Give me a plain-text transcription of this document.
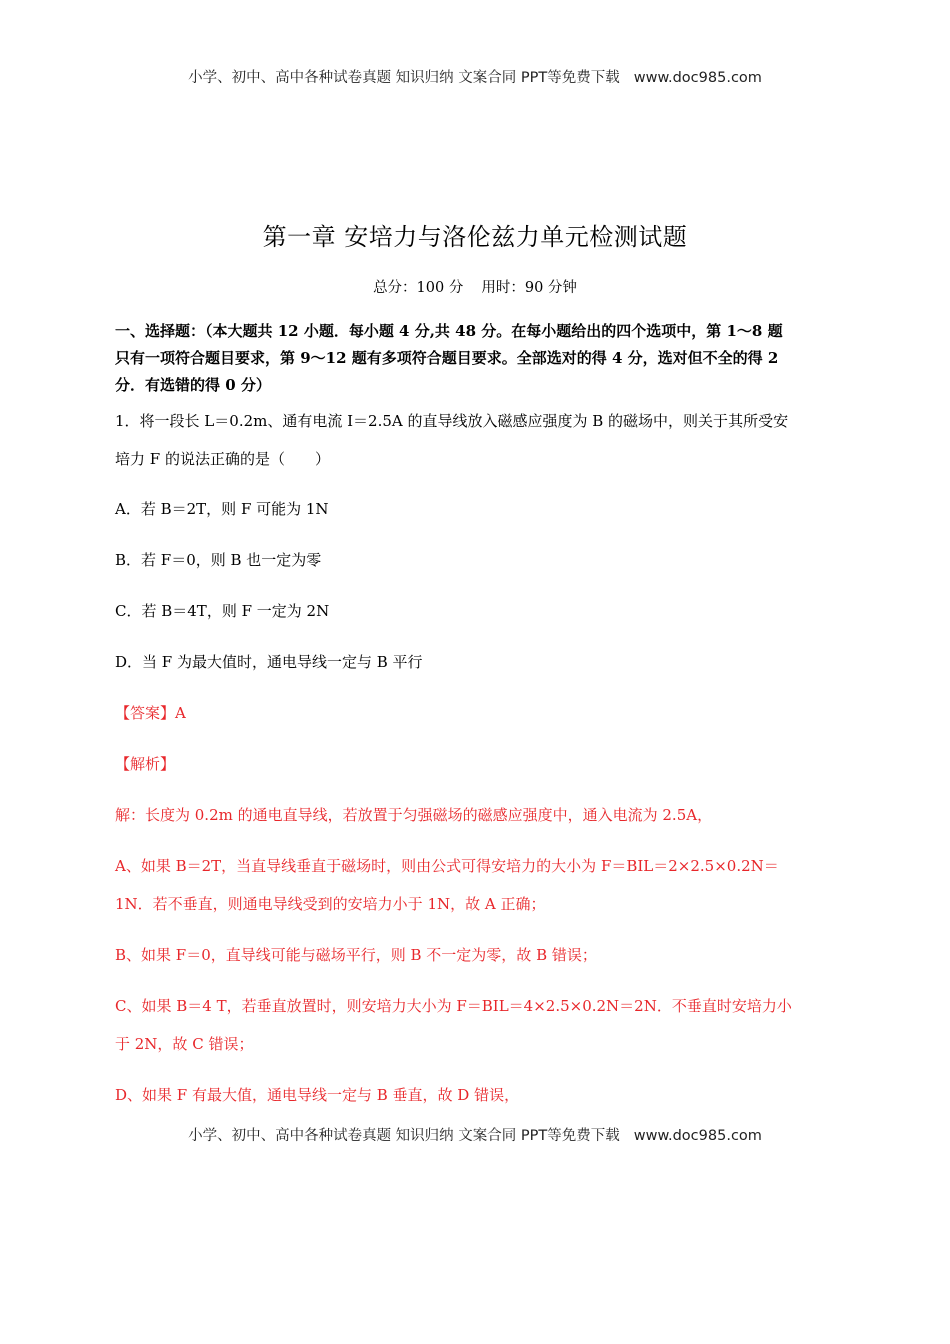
小学、初中、高中各种试卷真题 知识归纳 文案合同 PPT等免费下载 www.doc985.com
第一章 安培力与洛伦兹力单元检测试题
总分：100 分 用时：90 分钟
一、选择题：（本大题共 12 小题．每小题 4 分,共 48 分。在每小题给出的四个选项中，第 1～8 题
只有一项符合题目要求，第 9～12 题有多项符合题目要求。全部选对的得 4 分，选对但不全的得 2
分．有选错的得 0 分）
1．将一段长 L＝0.2m、通有电流 I＝2.5A 的直导线放入磁感应强度为 B 的磁场中，则关于其所受安
培力 F 的说法正确的是（　　）
A．若 B＝2T，则 F 可能为 1N
B．若 F＝0，则 B 也一定为零
C．若 B＝4T，则 F 一定为 2N
D．当 F 为最大值时，通电导线一定与 B 平行
【答案】A
【解析】
解：长度为 0.2m 的通电直导线，若放置于匀强磁场的磁感应强度中，通入电流为 2.5A，
A、如果 B＝2T，当直导线垂直于磁场时，则由公式可得安培力的大小为 F＝BIL＝2×2.5×0.2N＝
1N．若不垂直，则通电导线受到的安培力小于 1N，故 A 正确；
B、如果 F＝0，直导线可能与磁场平行，则 B 不一定为零，故 B 错误；
C、如果 B＝4 T，若垂直放置时，则安培力大小为 F＝BIL＝4×2.5×0.2N＝2N．不垂直时安培力小
于 2N，故 C 错误；
D、如果 F 有最大值，通电导线一定与 B 垂直，故 D 错误，
小学、初中、高中各种试卷真题 知识归纳 文案合同 PPT等免费下载 www.doc985.com
